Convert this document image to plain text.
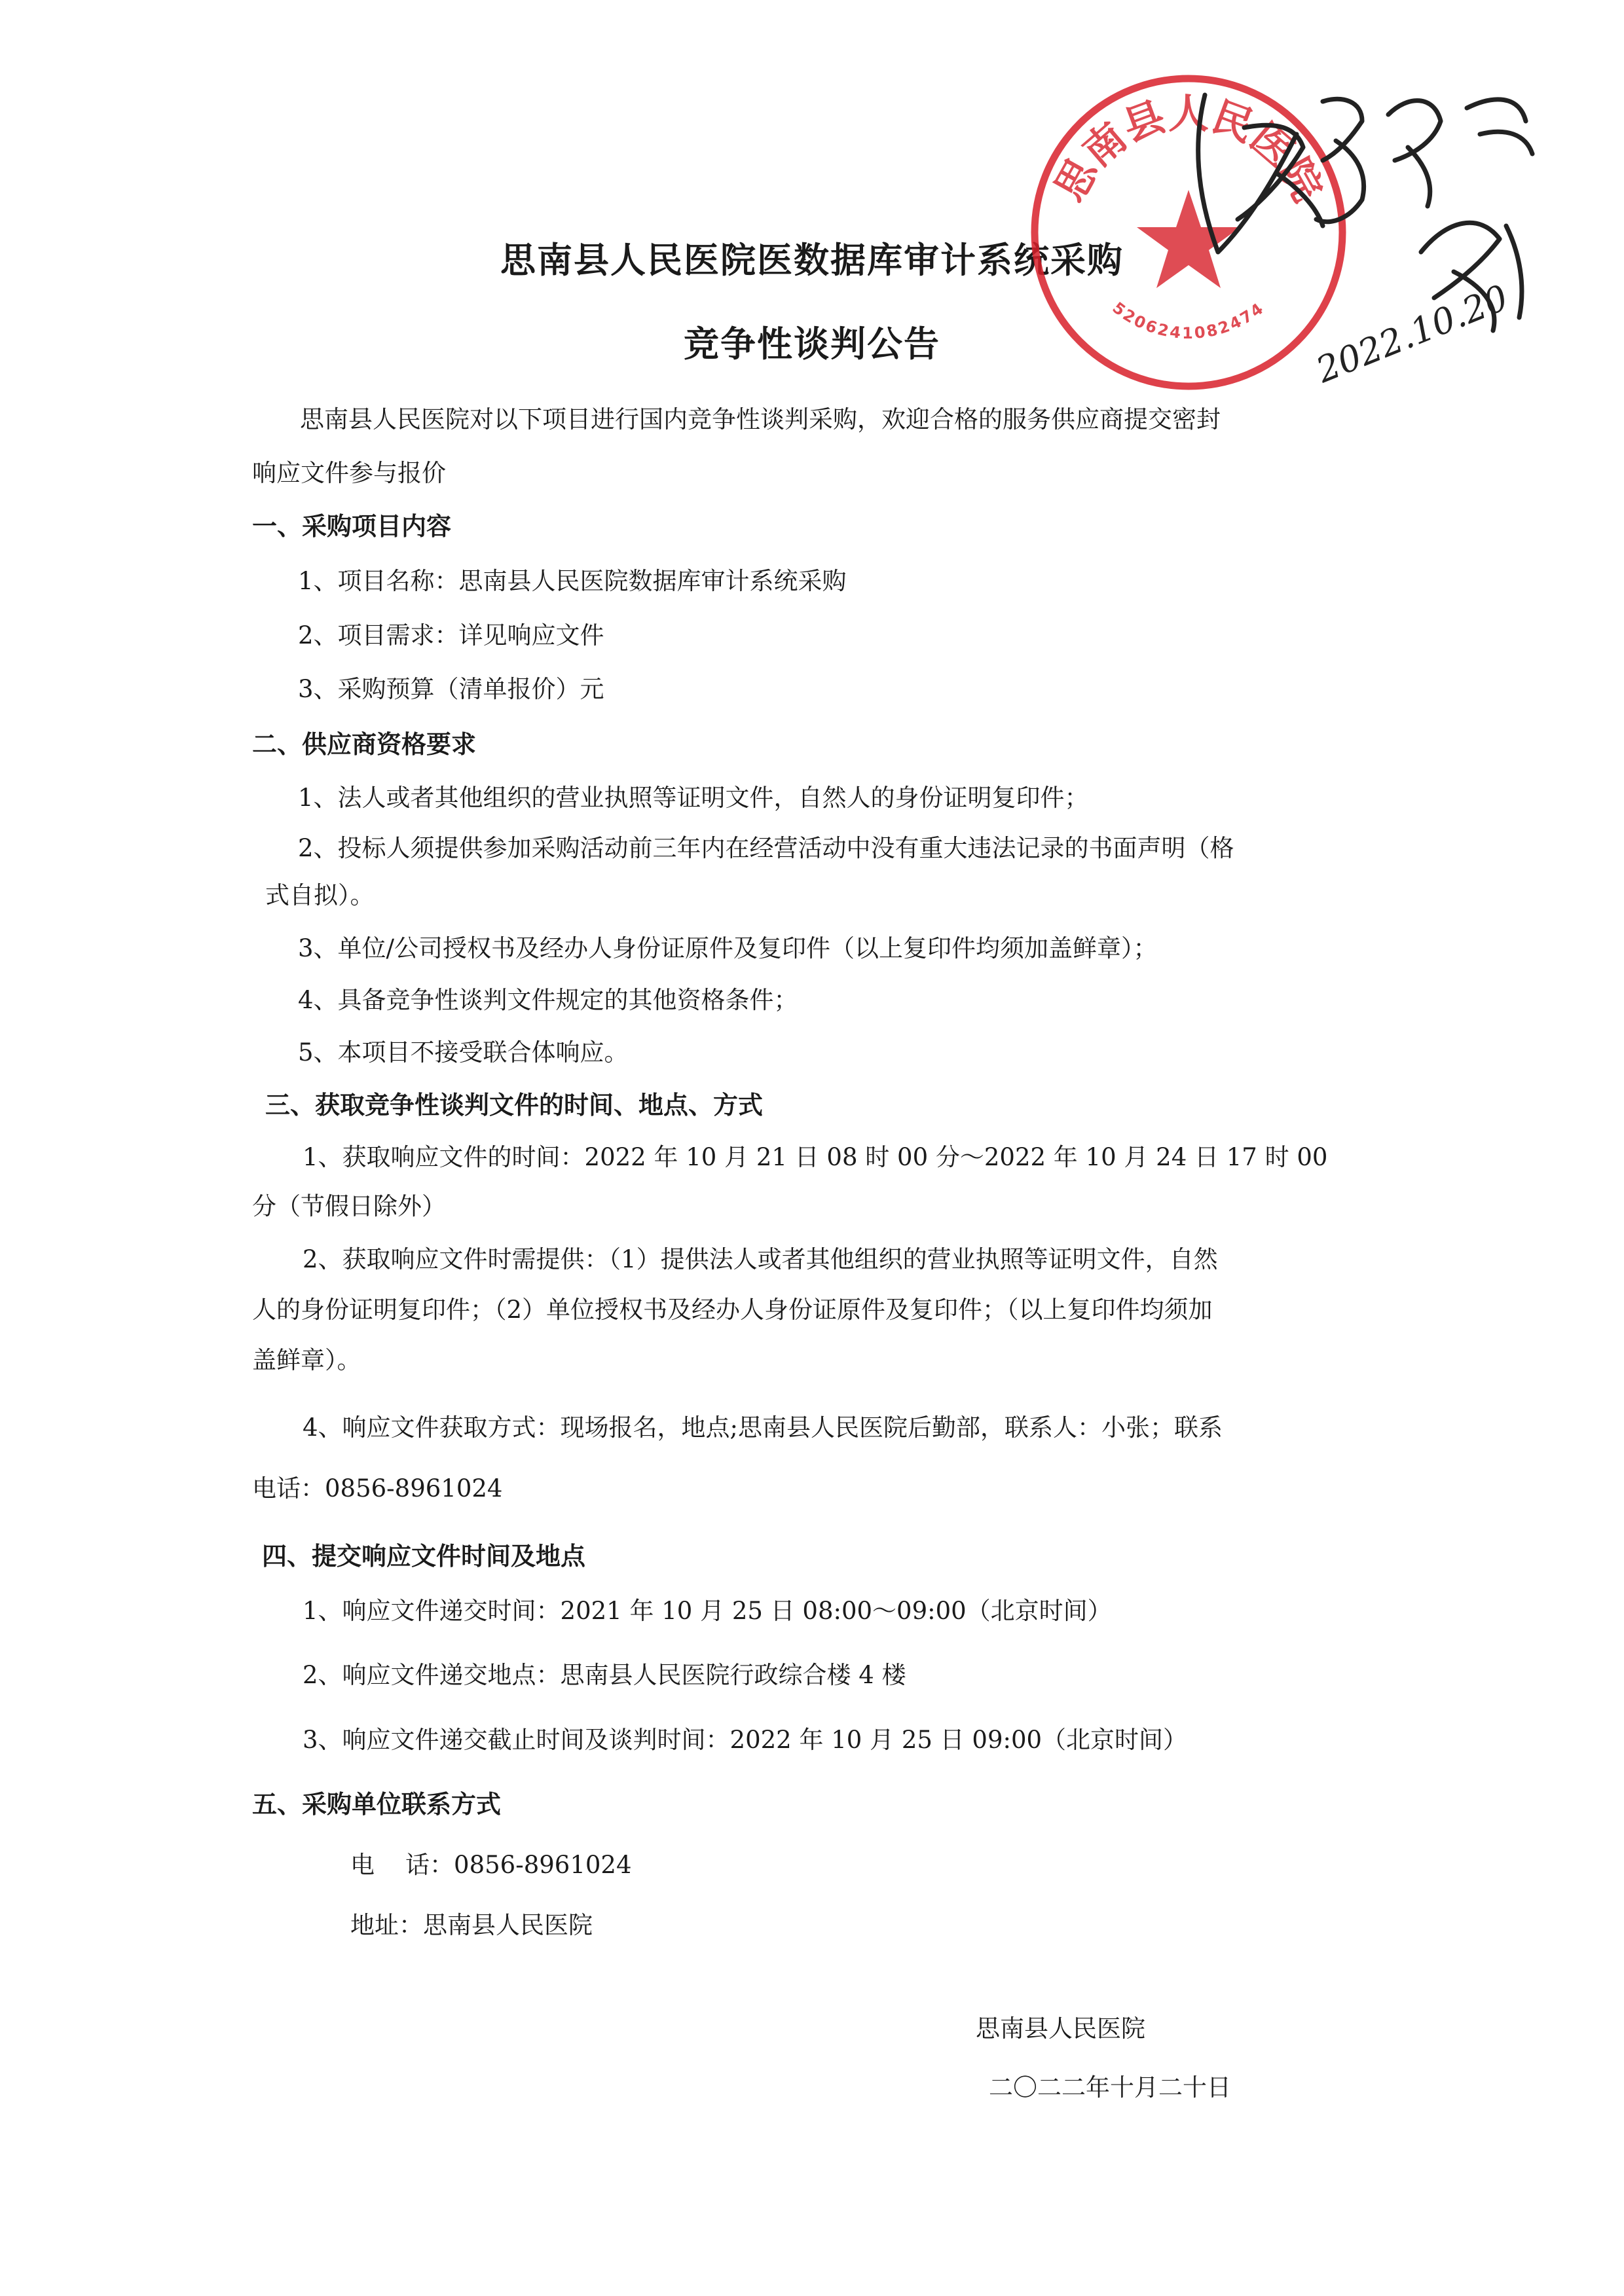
思南县人民医院医数据库审计系统采购
竞争性谈判公告
思南县人民医院对以下项目进行国内竞争性谈判采购，欢迎合格的服务供应商提交密封
响应文件参与报价
一、采购项目内容
1、项目名称：思南县人民医院数据库审计系统采购
2、项目需求：详见响应文件
3、采购预算（清单报价）元
二、供应商资格要求
1、法人或者其他组织的营业执照等证明文件，自然人的身份证明复印件；
2、投标人须提供参加采购活动前三年内在经营活动中没有重大违法记录的书面声明（格
式自拟）。
3、单位/公司授权书及经办人身份证原件及复印件（以上复印件均须加盖鲜章）；
4、具备竞争性谈判文件规定的其他资格条件；
5、本项目不接受联合体响应。
三、获取竞争性谈判文件的时间、地点、方式
1、获取响应文件的时间：2022 年 10 月 21 日 08 时 00 分～2022 年 10 月 24 日 17 时 00
分（节假日除外）
2、获取响应文件时需提供：（1）提供法人或者其他组织的营业执照等证明文件，自然
人的身份证明复印件；（2）单位授权书及经办人身份证原件及复印件；（以上复印件均须加
盖鲜章）。
4、响应文件获取方式：现场报名，地点;思南县人民医院后勤部，联系人：小张；联系
电话：0856-8961024
四、提交响应文件时间及地点
1、响应文件递交时间：2021 年 10 月 25 日 08:00～09:00（北京时间）
2、响应文件递交地点：思南县人民医院行政综合楼 4 楼
3、响应文件递交截止时间及谈判时间：2022 年 10 月 25 日 09:00（北京时间）
五、采购单位联系方式
电    话：0856-8961024
地址：思南县人民医院
思南县人民医院
二〇二二年十月二十日
思南县人民医院
5206241082474 2022.10.20
